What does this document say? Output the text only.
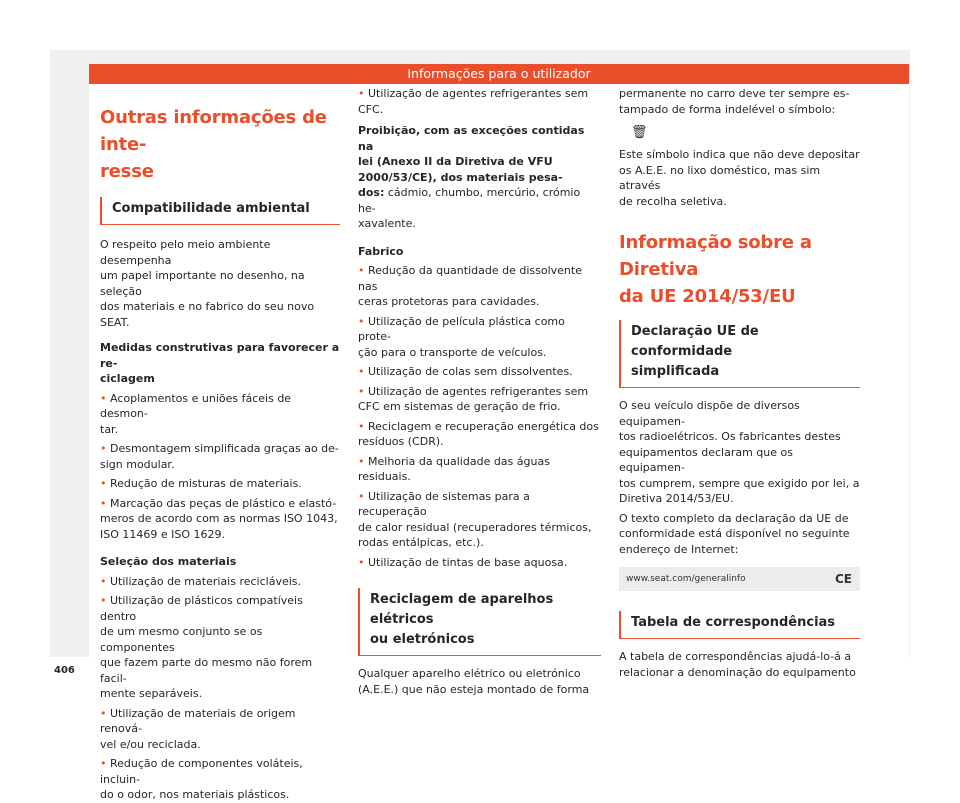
Informações para o utilizador
Outras informações de inte-
resse
Compatibilidade ambiental
O respeito pelo meio ambiente desempenha
um papel importante no desenho, na seleção
dos materiais e no fabrico do seu novo SEAT.
Medidas construtivas para favorecer a re-
ciclagem
• Acoplamentos e uniões fáceis de desmon-
tar.
• Desmontagem simplificada graças ao de-
sign modular.
• Redução de misturas de materiais.
• Marcação das peças de plástico e elastó-
meros de acordo com as normas ISO 1043,
ISO 11469 e ISO 1629.
Seleção dos materiais
• Utilização de materiais recicláveis.
• Utilização de plásticos compatíveis dentro
de um mesmo conjunto se os componentes
que fazem parte do mesmo não forem facil-
mente separáveis.
• Utilização de materiais de origem renová-
vel e/ou reciclada.
• Redução de componentes voláteis, incluin-
do o odor, nos materiais plásticos.
• Utilização de agentes refrigerantes sem
CFC.
Proibição, com as exceções contidas na
lei (Anexo II da Diretiva de VFU
2000/53/CE), dos materiais pesa-
dos: cádmio, chumbo, mercúrio, crómio he-
xavalente.
Fabrico
• Redução da quantidade de dissolvente nas
ceras protetoras para cavidades.
• Utilização de película plástica como prote-
ção para o transporte de veículos.
• Utilização de colas sem dissolventes.
• Utilização de agentes refrigerantes sem
CFC em sistemas de geração de frio.
• Reciclagem e recuperação energética dos
resíduos (CDR).
• Melhoria da qualidade das águas residuais.
• Utilização de sistemas para a recuperação
de calor residual (recuperadores térmicos,
rodas entálpicas, etc.).
• Utilização de tintas de base aquosa.
Reciclagem de aparelhos elétricos
ou eletrónicos
Qualquer aparelho elétrico ou eletrónico
(A.E.E.) que não esteja montado de forma
permanente no carro deve ter sempre es-
tampado de forma indelével o símbolo:
🗑
Este símbolo indica que não deve depositar
os A.E.E. no lixo doméstico, mas sim através
de recolha seletiva.
Informação sobre a Diretiva
da UE 2014/53/EU
Declaração UE de conformidade
simplificada
O seu veículo dispõe de diversos equipamen-
tos radioelétricos. Os fabricantes destes
equipamentos declaram que os equipamen-
tos cumprem, sempre que exigido por lei, a
Diretiva 2014/53/EU.
O texto completo da declaração da UE de
conformidade está disponível no seguinte
endereço de Internet:
www.seat.com/generalinfo	CE
Tabela de correspondências
A tabela de correspondências ajudá-lo-á a
relacionar a denominação do equipamento
406
